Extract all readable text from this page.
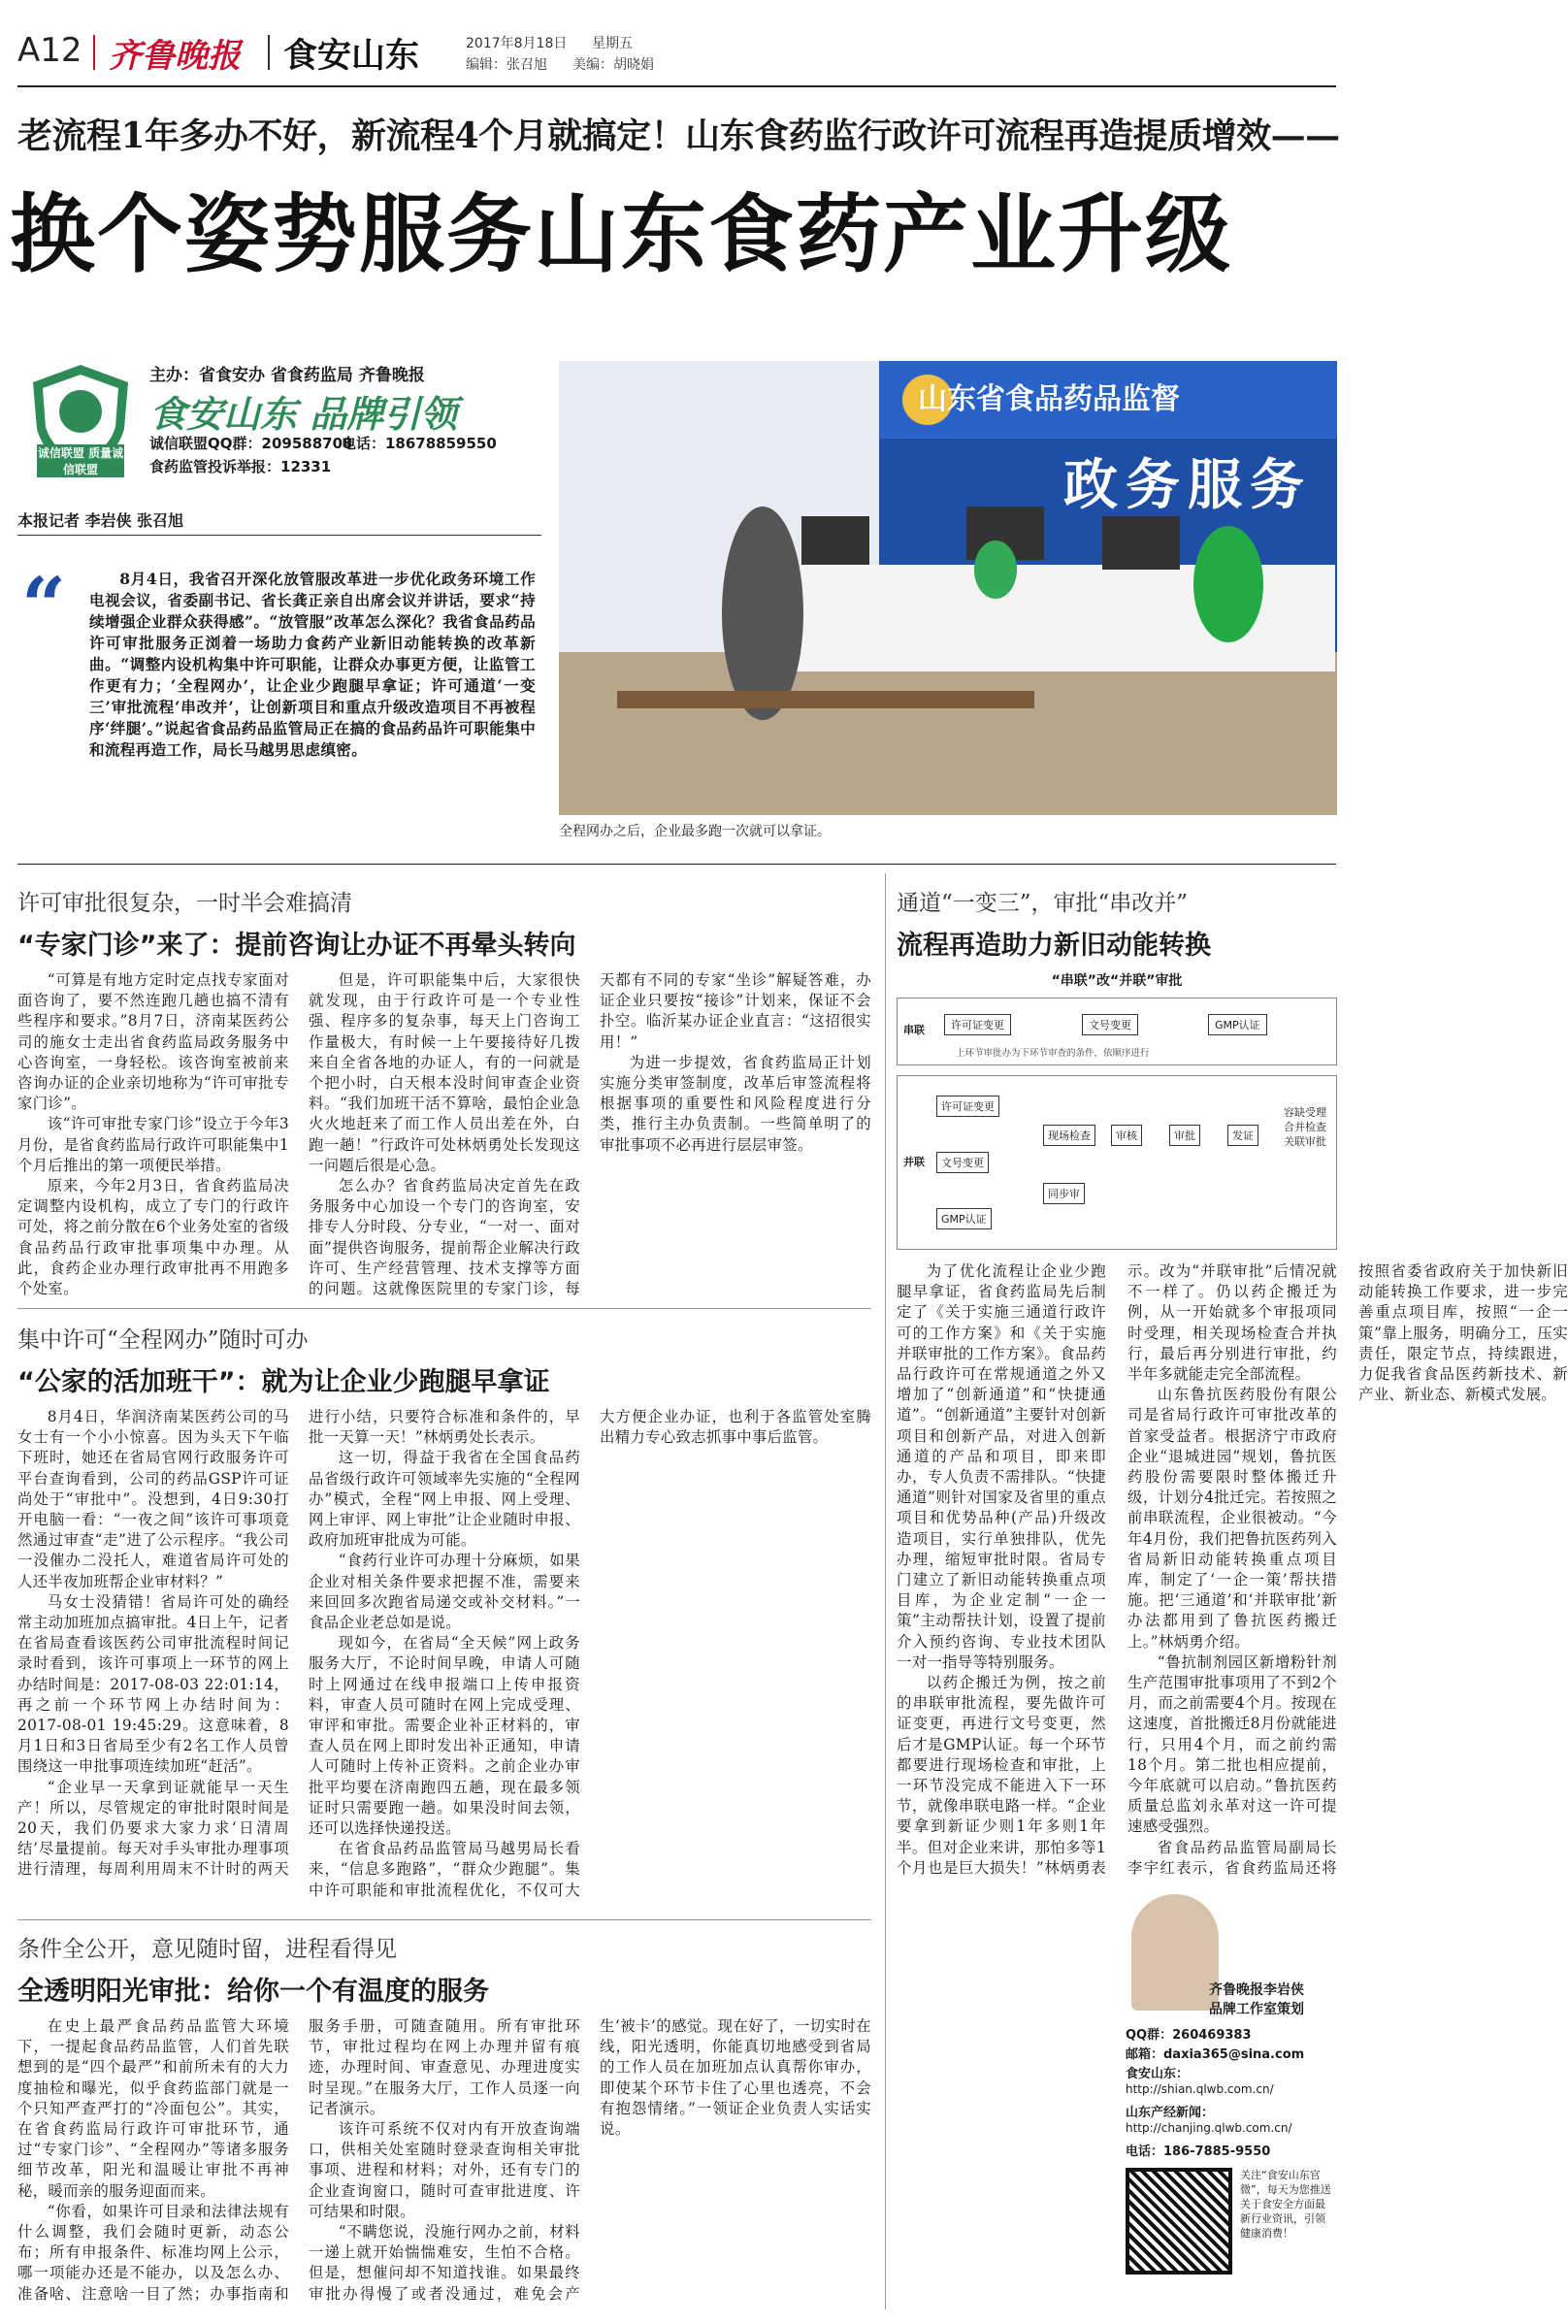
A12 齐鲁晚报 食安山东	2017年8月18日 星期五
编辑：张召旭 美编：胡晓娟
老流程1年多办不好，新流程4个月就搞定！山东食药监行政许可流程再造提质增效——
换个姿势服务山东食药产业升级
诚信联盟 质量诚信联盟
主办：省食安办 省食药监局 齐鲁晚报
食安山东 品牌引领
诚信联盟QQ群：209588708
电话：18678859550
食药监管投诉举报：12331
山东省食品药品监督
政务服务
全程网办之后，企业最多跑一次就可以拿证。
本报记者 李岩侠 张召旭
“	8月4日，我省召开深化放管服改革进一步优化政务环境工作电视会议，省委副书记、省长龚正亲自出席会议并讲话，要求“持续增强企业群众获得感”。“放管服”改革怎么深化？我省食品药品许可审批服务正浏着一场助力食药产业新旧动能转换的改革新曲。“调整内设机构集中许可职能，让群众办事更方便，让监管工作更有力；‘全程网办’，让企业少跑腿早拿证；许可通道‘一变三’审批流程‘串改并’，让创新项目和重点升级改造项目不再被程序‘绊腿’。”说起省食品药品监管局正在搞的食品药品许可职能集中和流程再造工作，局长马越男思虑缜密。
许可审批很复杂，一时半会难搞清
“专家门诊”来了：提前咨询让办证不再晕头转向

“可算是有地方定时定点找专家面对面咨询了，要不然连跑几趟也搞不清有些程序和要求。”8月7日，济南某医药公司的施女士走出省食药监局政务服务中心咨询室，一身轻松。该咨询室被前来咨询办证的企业亲切地称为“许可审批专家门诊”。

该“许可审批专家门诊”设立于今年3月份，是省食药监局行政许可职能集中1个月后推出的第一项便民举措。

原来，今年2月3日，省食药监局决定调整内设机构，成立了专门的行政许可处，将之前分散在6个业务处室的省级食品药品行政审批事项集中办理。从此，食药企业办理行政审批再不用跑多个处室。

但是，许可职能集中后，大家很快就发现，由于行政许可是一个专业性强、程序多的复杂事，每天上门咨询工作量极大，有时候一上午要接待好几拨来自全省各地的办证人，有的一问就是个把小时，白天根本没时间审查企业资料。“我们加班干活不算啥，最怕企业急火火地赶来了而工作人员出差在外，白跑一趟！”行政许可处林炳勇处长发现这一问题后很是心急。

怎么办？省食药监局决定首先在政务服务中心加设一个专门的咨询室，安排专人分时段、分专业，“一对一、面对面”提供咨询服务，提前帮企业解决行政许可、生产经营管理、技术支撑等方面的问题。这就像医院里的专家门诊，每天都有不同的专家“坐诊”解疑答难，办证企业只要按“接诊”计划来，保证不会扑空。临沂某办证企业直言：“这招很实用！”

为进一步提效，省食药监局正计划实施分类审签制度，改革后审签流程将根据事项的重要性和风险程度进行分类，推行主办负责制。一些简单明了的审批事项不必再进行层层审签。

集中许可“全程网办”随时可办
“公家的活加班干”：就为让企业少跑腿早拿证

8月4日，华润济南某医药公司的马女士有一个小小惊喜。因为头天下午临下班时，她还在省局官网行政服务许可平台查询看到，公司的药品GSP许可证尚处于“审批中”。没想到，4日9:30打开电脑一看：“一夜之间”该许可事项竟然通过审查“走”进了公示程序。“我公司一没催办二没托人，难道省局许可处的人还半夜加班帮企业审材料？”

马女士没猜错！省局许可处的确经常主动加班加点搞审批。4日上午，记者在省局查看该医药公司审批流程时间记录时看到，该许可事项上一环节的网上办结时间是：2017-08-03 22:01:14，再之前一个环节网上办结时间为：2017-08-01 19:45:29。这意味着，8月1日和3日省局至少有2名工作人员曾围绕这一申批事项连续加班“赶活”。

“企业早一天拿到证就能早一天生产！所以，尽管规定的审批时限时间是20天，我们仍要求大家力求‘日清周结’尽量提前。每天对手头审批办理事项进行清理，每周利用周末不计时的两天进行小结，只要符合标准和条件的，早批一天算一天！”林炳勇处长表示。

这一切，得益于我省在全国食品药品省级行政许可领域率先实施的“全程网办”模式，全程“网上申报、网上受理、网上审评、网上审批”让企业随时申报、政府加班审批成为可能。

“食药行业许可办理十分麻烦，如果企业对相关条件要求把握不准，需要来来回回多次跑省局递交或补交材料。”一食品企业老总如是说。

现如今，在省局“全天候”网上政务服务大厅，不论时间早晚，申请人可随时上网通过在线申报端口上传申报资料，审查人员可随时在网上完成受理、审评和审批。需要企业补正材料的，审查人员在网上即时发出补正通知，申请人可随时上传补正资料。之前企业办审批平均要在济南跑四五趟，现在最多领证时只需要跑一趟。如果没时间去领，还可以选择快递投送。

在省食品药品监管局马越男局长看来，“信息多跑路”，“群众少跑腿”。集中许可职能和审批流程优化，不仅可大大方便企业办证，也利于各监管处室腾出精力专心致志抓事中事后监管。

条件全公开，意见随时留，进程看得见
全透明阳光审批：给你一个有温度的服务

在史上最严食品药品监管大环境下，一提起食品药品监管，人们首先联想到的是“四个最严”和前所未有的大力度抽检和曝光，似乎食药监部门就是一个只知严查严打的“冷面包公”。其实，在省食药监局行政许可审批环节，通过“专家门诊”、“全程网办”等诸多服务细节改革，阳光和温暖让审批不再神秘，暖而亲的服务迎面而来。

“你看，如果许可目录和法律法规有什么调整，我们会随时更新，动态公布；所有申报条件、标准均网上公示，哪一项能办还是不能办，以及怎么办、准备啥、注意啥一目了然；办事指南和服务手册，可随查随用。所有审批环节，审批过程均在网上办理并留有痕迹，办理时间、审查意见、办理进度实时呈现。”在服务大厅，工作人员逐一向记者演示。

该许可系统不仅对内有开放查询端口，供相关处室随时登录查询相关审批事项、进程和材料；对外，还有专门的企业查询窗口，随时可查审批进度、许可结果和时限。

“不瞒您说，没施行网办之前，材料一递上就开始惴惴难安，生怕不合格。但是，想催问却不知道找谁。如果最终审批办得慢了或者没通过，难免会产生‘被卡’的感觉。现在好了，一切实时在线，阳光透明，你能真切地感受到省局的工作人员在加班加点认真帮你审办，即使某个环节卡住了心里也透亮，不会有抱怨情绪。”一领证企业负责人实话实说。

通道“一变三”，审批“串改并”
流程再造助力新旧动能转换
“串联”改“并联”审批
串联	许可证变更	文号变更	GMP认证
上环节审批办为下环节审查的条件，依顺序进行
并联
许可证变更
文号变更
GMP认证
现场检查	审核	审批	发证
同步审
容缺受理
合并检查
关联审批

为了优化流程让企业少跑腿早拿证，省食药监局先后制定了《关于实施三通道行政许可的工作方案》和《关于实施并联审批的工作方案》。食品药品行政许可在常规通道之外又增加了“创新通道”和“快捷通道”。“创新通道”主要针对创新项目和创新产品，对进入创新通道的产品和项目，即来即办，专人负责不需排队。“快捷通道”则针对国家及省里的重点项目和优势品种(产品)升级改造项目，实行单独排队，优先办理，缩短审批时限。省局专门建立了新旧动能转换重点项目库，为企业定制“一企一策”主动帮扶计划，设置了提前介入预约咨询、专业技术团队一对一指导等特别服务。

以药企搬迁为例，按之前的串联审批流程，要先做许可证变更，再进行文号变更，然后才是GMP认证。每一个环节都要进行现场检查和审批，上一环节没完成不能进入下一环节，就像串联电路一样。“企业要拿到新证少则1年多则1年半。但对企业来讲，那怕多等1个月也是巨大损失！”林炳勇表示。改为“并联审批”后情况就不一样了。仍以药企搬迁为例，从一开始就多个审报项同时受理，相关现场检查合并执行，最后再分别进行审批，约半年多就能走完全部流程。

山东鲁抗医药股份有限公司是省局行政许可审批改革的首家受益者。根据济宁市政府企业“退城进园”规划，鲁抗医药股份需要限时整体搬迁升级，计划分4批迁完。若按照之前串联流程，企业很被动。“今年4月份，我们把鲁抗医药列入省局新旧动能转换重点项目库，制定了‘一企一策’帮扶措施。把‘三通道’和‘并联审批’新办法都用到了鲁抗医药搬迁上。”林炳勇介绍。

“鲁抗制剂园区新增粉针剂生产范围审批事项用了不到2个月，而之前需要4个月。按现在这速度，首批搬迁8月份就能进行，只用4个月，而之前约需18个月。第二批也相应提前，今年底就可以启动。”鲁抗医药质量总监刘永革对这一许可提速感受强烈。

省食品药品监管局副局长李宇红表示，省食药监局还将按照省委省政府关于加快新旧动能转换工作要求，进一步完善重点项目库，按照“一企一策”靠上服务，明确分工，压实责任，限定节点，持续跟进，力促我省食品医药新技术、新产业、新业态、新模式发展。

齐鲁晚报李岩侠
品牌工作室策划
QQ群：260469383
邮箱：daxia365@sina.com
食安山东：
http://shian.qlwb.com.cn/
山东产经新闻：
http://chanjing.qlwb.com.cn/
电话：186-7885-9550
关注“食安山东官微”，每天为您推送关于食安全方面最新行业资讯，引领健康消费！
